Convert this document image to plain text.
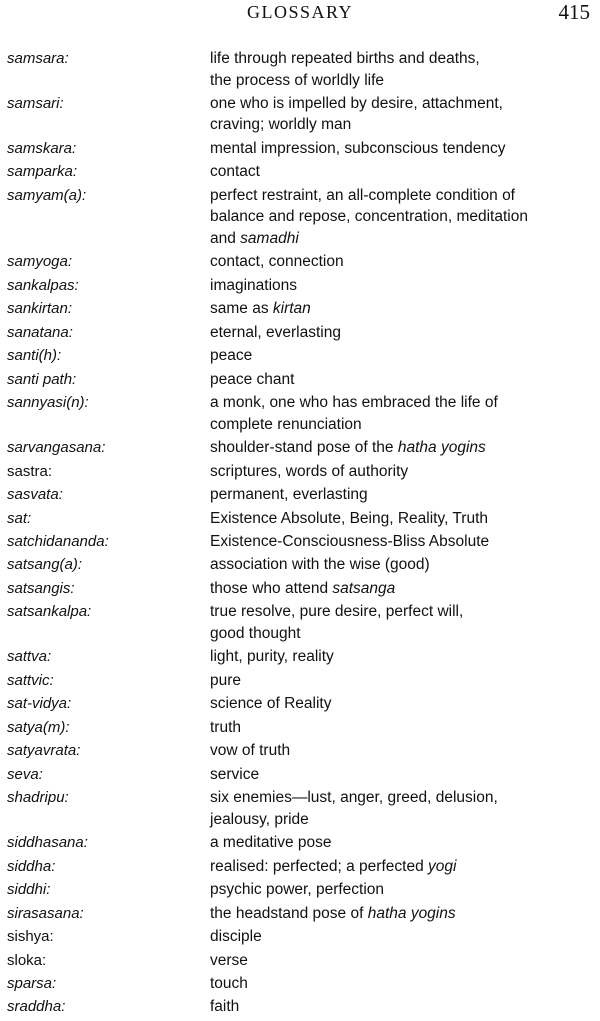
GLOSSARY	415
samsara:	life through repeated births and deaths,
the process of worldly life
samsari:	one who is impelled by desire, attachment,
craving; worldly man
samskara:	mental impression, subconscious tendency
samparka:	contact
samyam(a):	perfect restraint, an all-complete condition of
balance and repose, concentration, meditation
and samadhi
samyoga:	contact, connection
sankalpas:	imaginations
sankirtan:	same as kirtan
sanatana:	eternal, everlasting
santi(h):	peace
santi path:	peace chant
sannyasi(n):	a monk, one who has embraced the life of
complete renunciation
sarvangasana:	shoulder-stand pose of the hatha yogins
sastra:	scriptures, words of authority
sasvata:	permanent, everlasting
sat:	Existence Absolute, Being, Reality, Truth
satchidananda:	Existence-Consciousness-Bliss Absolute
satsang(a):	association with the wise (good)
satsangis:	those who attend satsanga
satsankalpa:	true resolve, pure desire, perfect will,
good thought
sattva:	light, purity, reality
sattvic:	pure
sat-vidya:	science of Reality
satya(m):	truth
satyavrata:	vow of truth
seva:	service
shadripu:	six enemies—lust, anger, greed, delusion,
jealousy, pride
siddhasana:	a meditative pose
siddha:	realised: perfected; a perfected yogi
siddhi:	psychic power, perfection
sirasasana:	the headstand pose of hatha yogins
sishya:	disciple
sloka:	verse
sparsa:	touch
sraddha:	faith
